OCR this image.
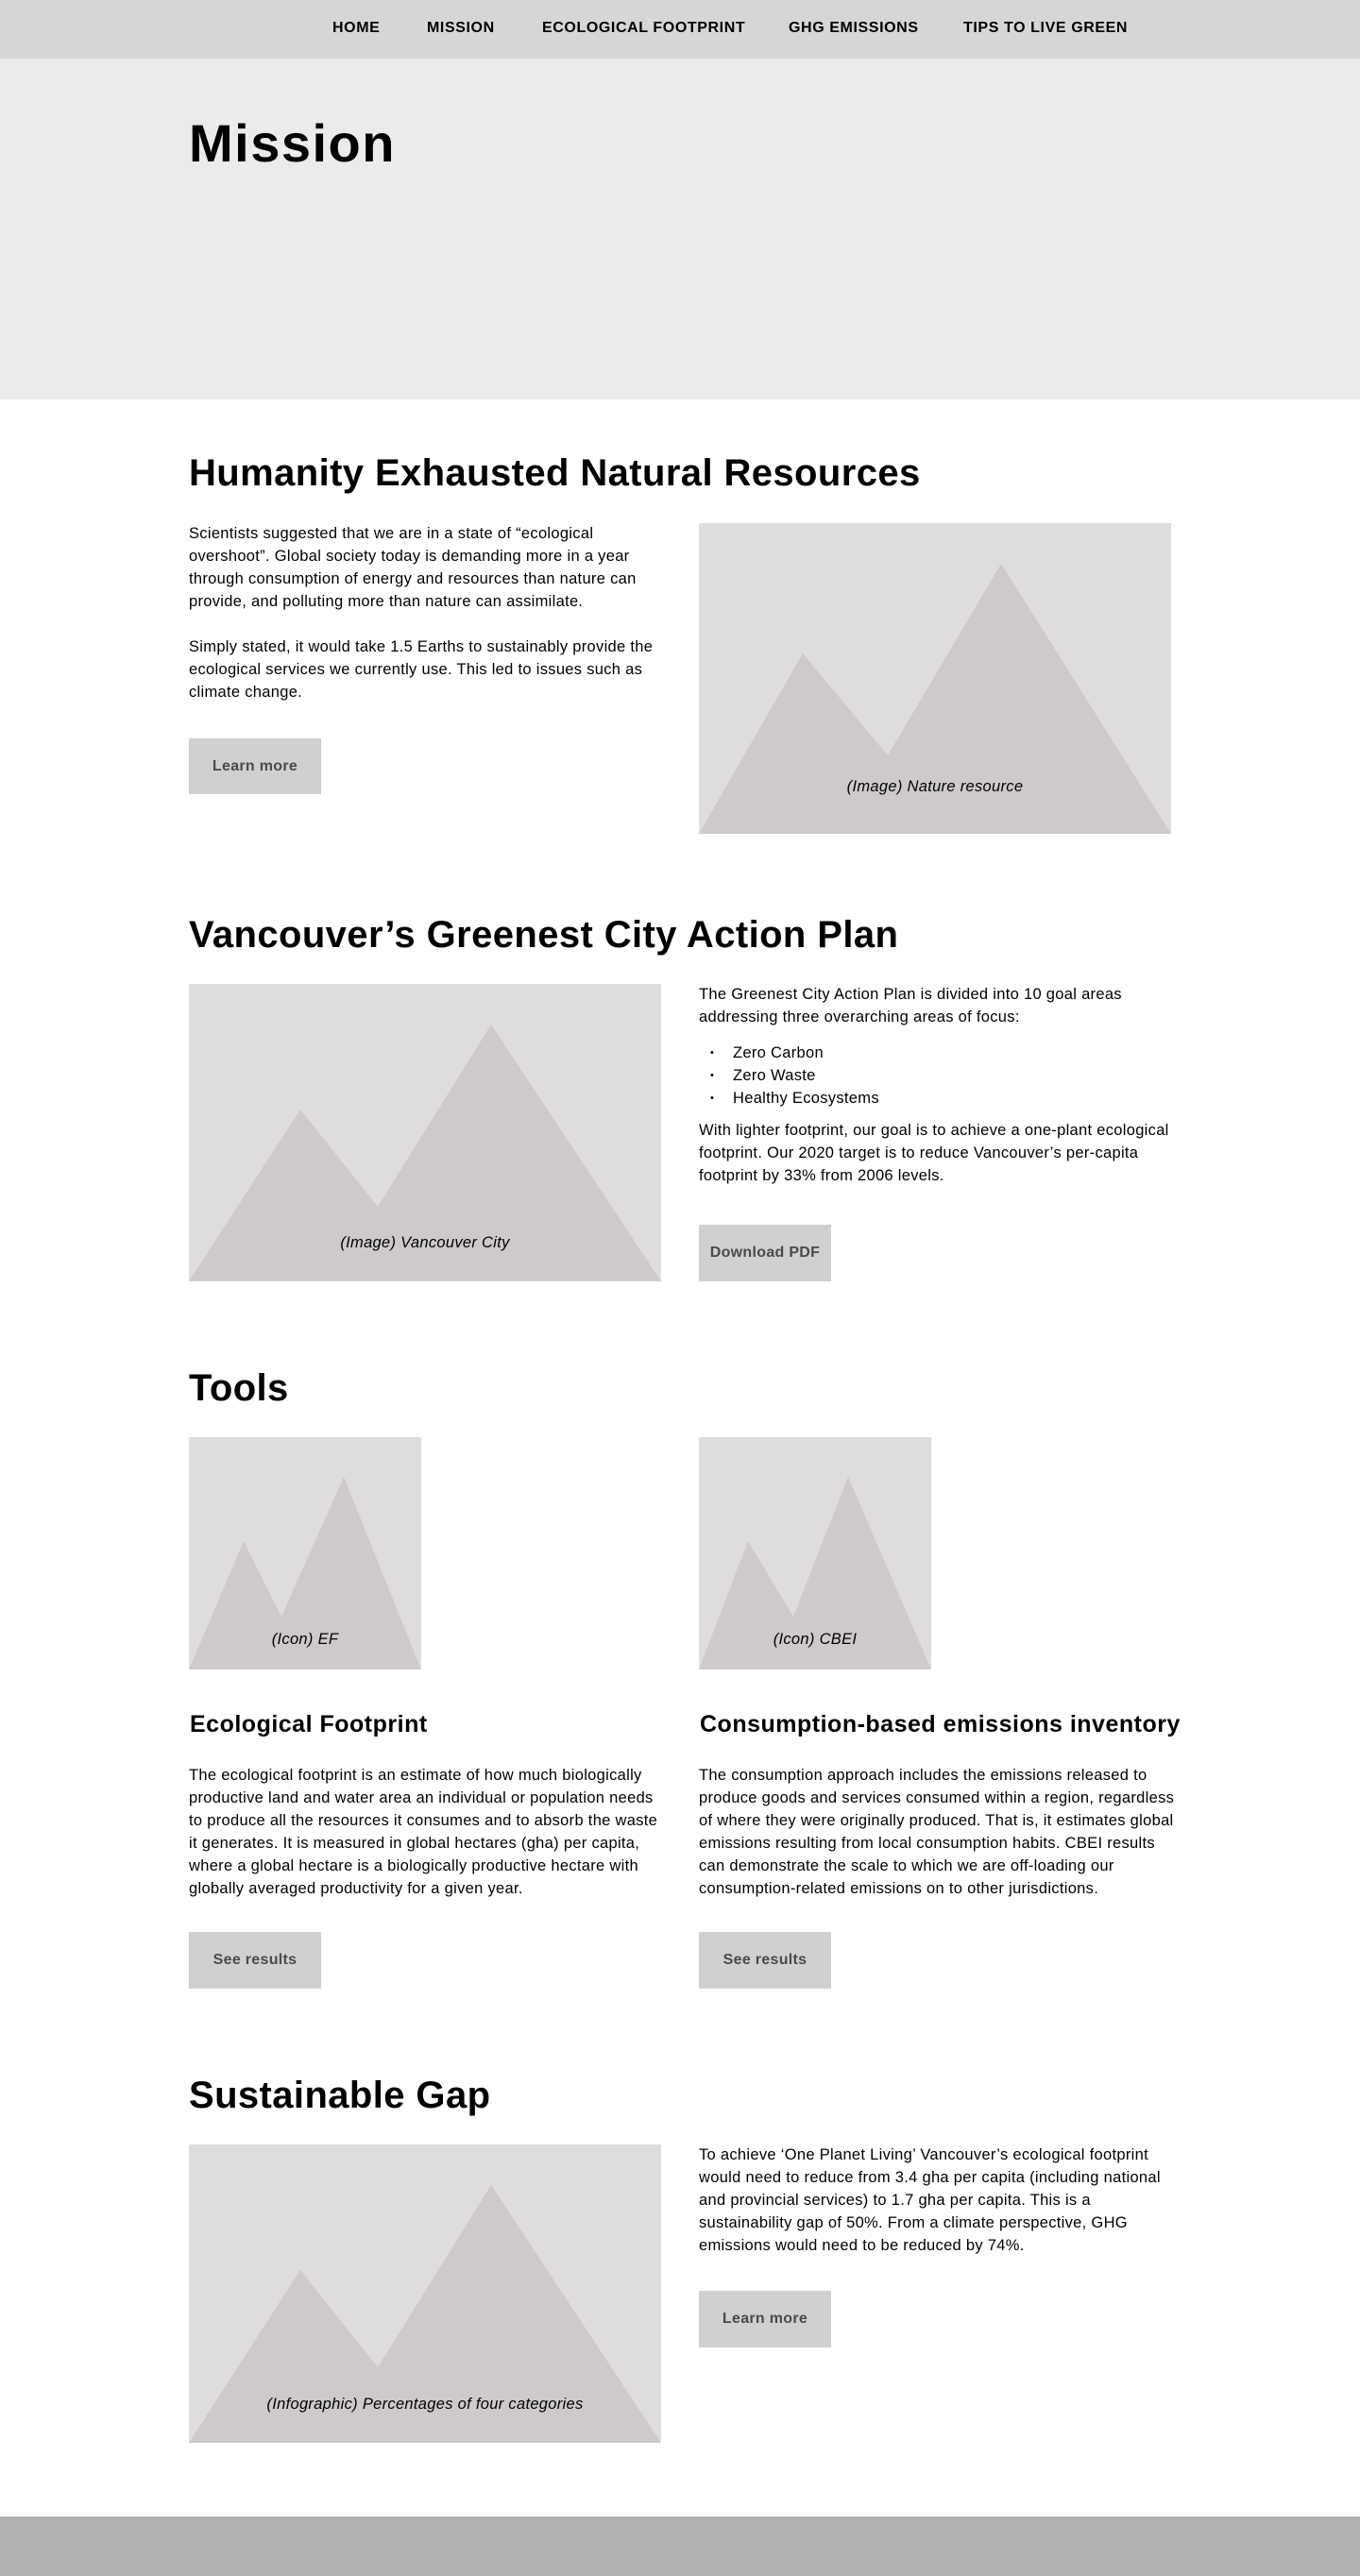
HOME	MISSION	ECOLOGICAL FOOTPRINT	GHG EMISSIONS	TIPS TO LIVE GREEN
Mission
Humanity Exhausted Natural Resources
Scientists suggested that we are in a state of “ecological overshoot”. Global society today is demanding more in a year through consumption of energy and resources than nature can provide, and polluting more than nature can assimilate.
Simply stated, it would take 1.5 Earths to sustainably provide the ecological services we currently use. This led to issues such as climate change.
Learn more
(Image) Nature resource
Vancouver’s Greenest City Action Plan
(Image) Vancouver City
The Greenest City Action Plan is divided into 10 goal areas addressing three overarching areas of focus:
• Zero Carbon
• Zero Waste
• Healthy Ecosystems
With lighter footprint, our goal is to achieve a one-plant ecological footprint. Our 2020 target is to reduce Vancouver’s per-capita footprint by 33% from 2006 levels.
Download PDF
Tools
(Icon) EF	(Icon) CBEI
Ecological Footprint	Consumption-based emissions inventory
The ecological footprint is an estimate of how much biologically productive land and water area an individual or population needs to produce all the resources it consumes and to absorb the waste it generates. It is measured in global hectares (gha) per capita, where a global hectare is a biologically productive hectare with globally averaged productivity for a given year.
The consumption approach includes the emissions released to produce goods and services consumed within a region, regardless of where they were originally produced. That is, it estimates global emissions resulting from local consumption habits. CBEI results can demonstrate the scale to which we are off-loading our consumption-related emissions on to other jurisdictions.
See results	See results
Sustainable Gap
(Infographic) Percentages of four categories
To achieve ‘One Planet Living’ Vancouver’s ecological footprint would need to reduce from 3.4 gha per capita (including national and provincial services) to 1.7 gha per capita. This is a sustainability gap of 50%. From a climate perspective, GHG emissions would need to be reduced by 74%.
Learn more
